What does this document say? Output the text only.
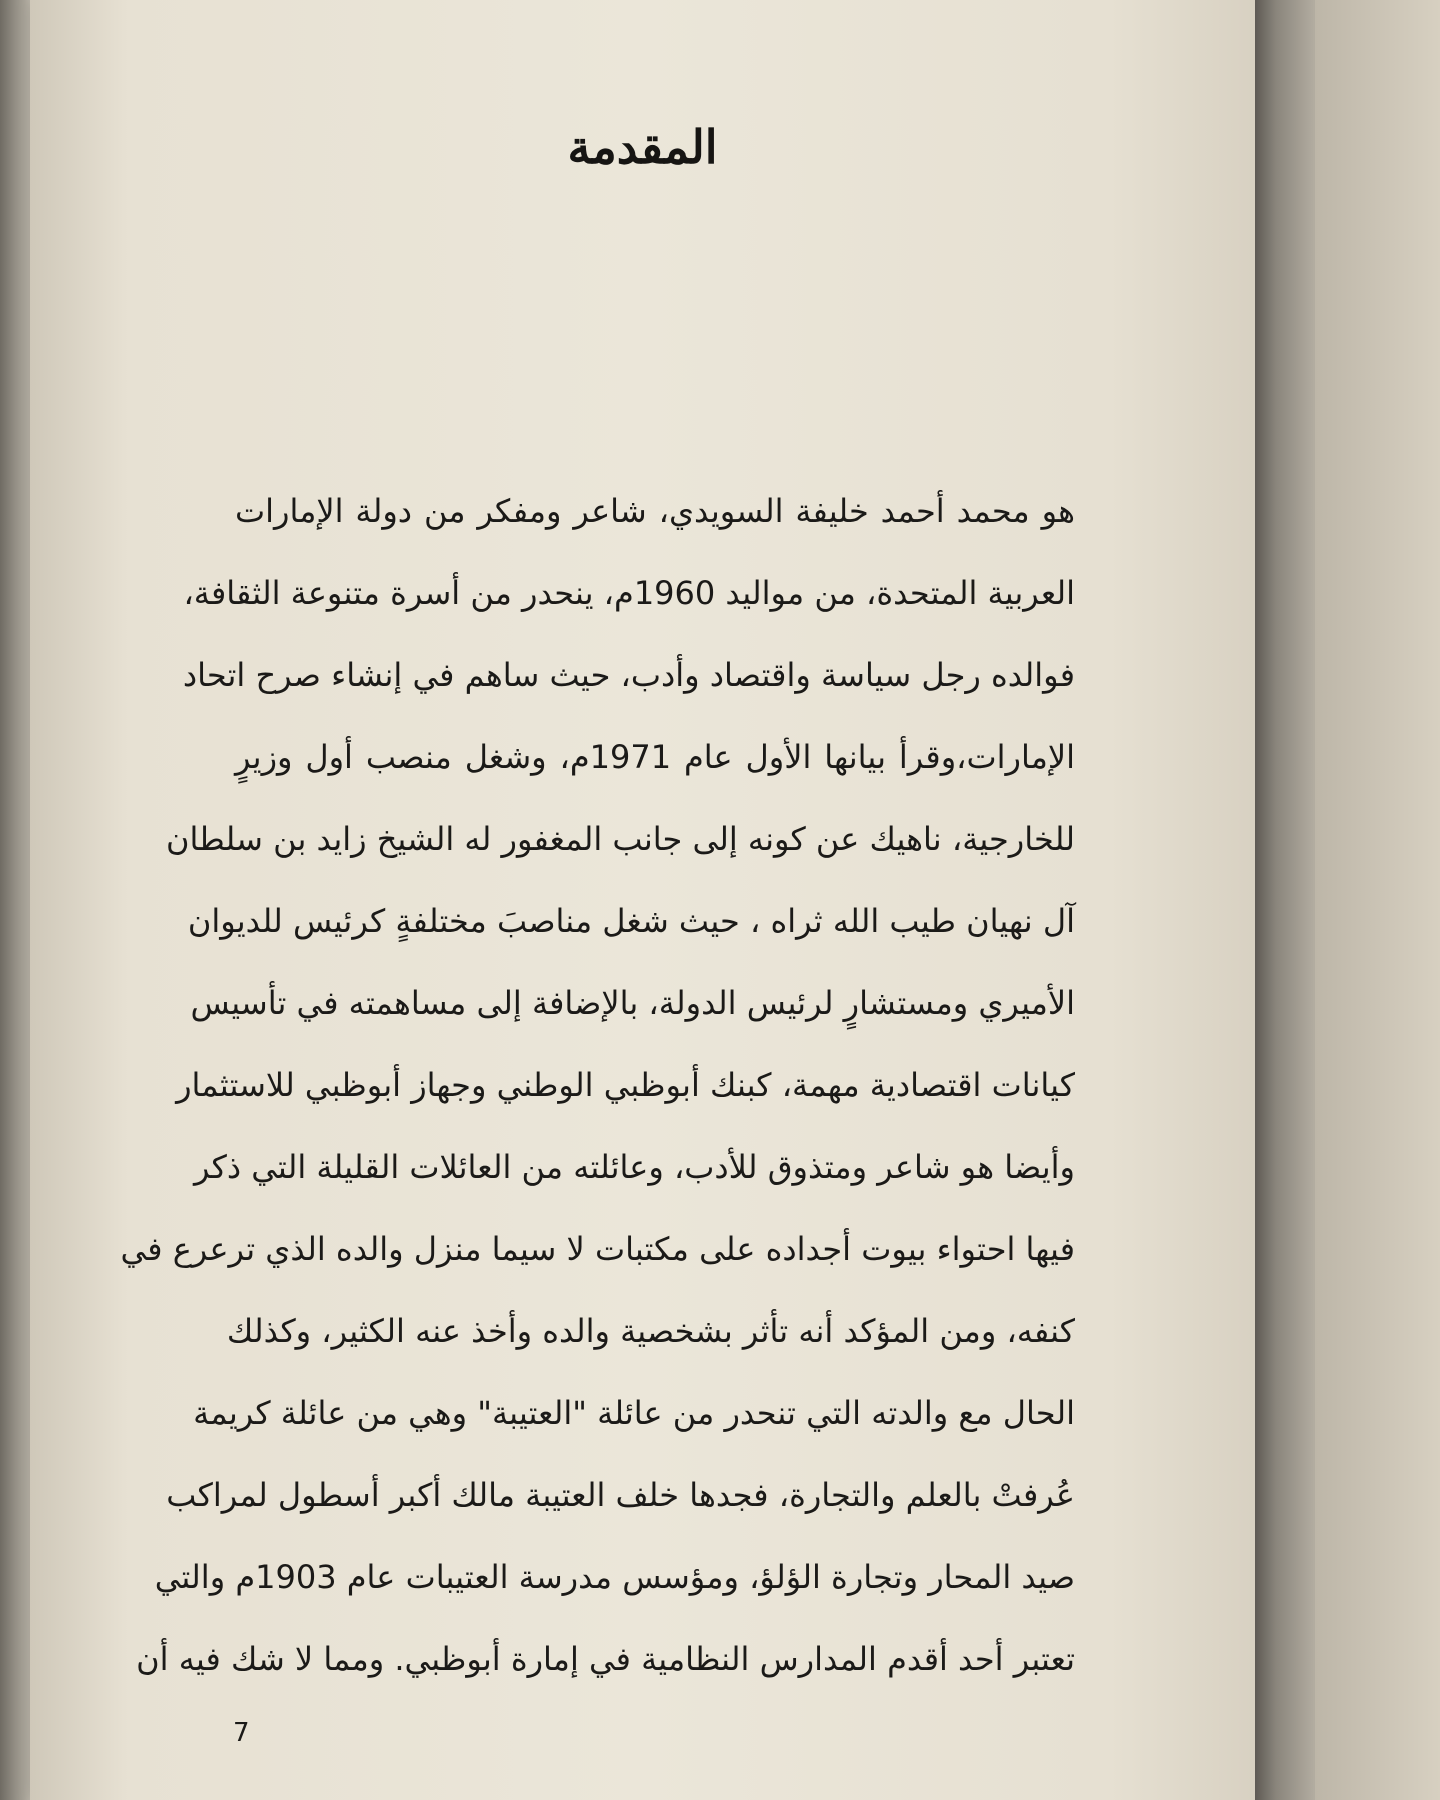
المقدمة
هو محمد أحمد خليفة السويدي، شاعر ومفكر من دولة الإمارات
العربية المتحدة، من مواليد 1960م، ينحدر من أسرة متنوعة الثقافة،
فوالده رجل سياسة واقتصاد وأدب، حيث ساهم في إنشاء صرح اتحاد
الإمارات،وقرأ بيانها الأول عام 1971م، وشغل منصب أول وزيرٍ
للخارجية، ناهيك عن كونه إلى جانب المغفور له الشيخ زايد بن سلطان
آل نهيان طيب الله ثراه ، حيث شغل مناصبَ مختلفةٍ كرئيس للديوان
الأميري ومستشارٍ لرئيس الدولة، بالإضافة إلى مساهمته في تأسيس
كيانات اقتصادية مهمة، كبنك أبوظبي الوطني وجهاز أبوظبي للاستثمار
وأيضا هو شاعر ومتذوق للأدب، وعائلته من العائلات القليلة التي ذكر
فيها احتواء بيوت أجداده على مكتبات لا سيما منزل والده الذي ترعرع في
كنفه، ومن المؤكد أنه تأثر بشخصية والده وأخذ عنه الكثير، وكذلك
الحال مع والدته التي تنحدر من عائلة "العتيبة" وهي من عائلة كريمة
عُرفتْ بالعلم والتجارة، فجدها خلف العتيبة مالك أكبر أسطول لمراكب
صيد المحار وتجارة الؤلؤ، ومؤسس مدرسة العتيبات عام 1903م والتي
تعتبر أحد أقدم المدارس النظامية في إمارة أبوظبي. ومما لا شك فيه أن
7
